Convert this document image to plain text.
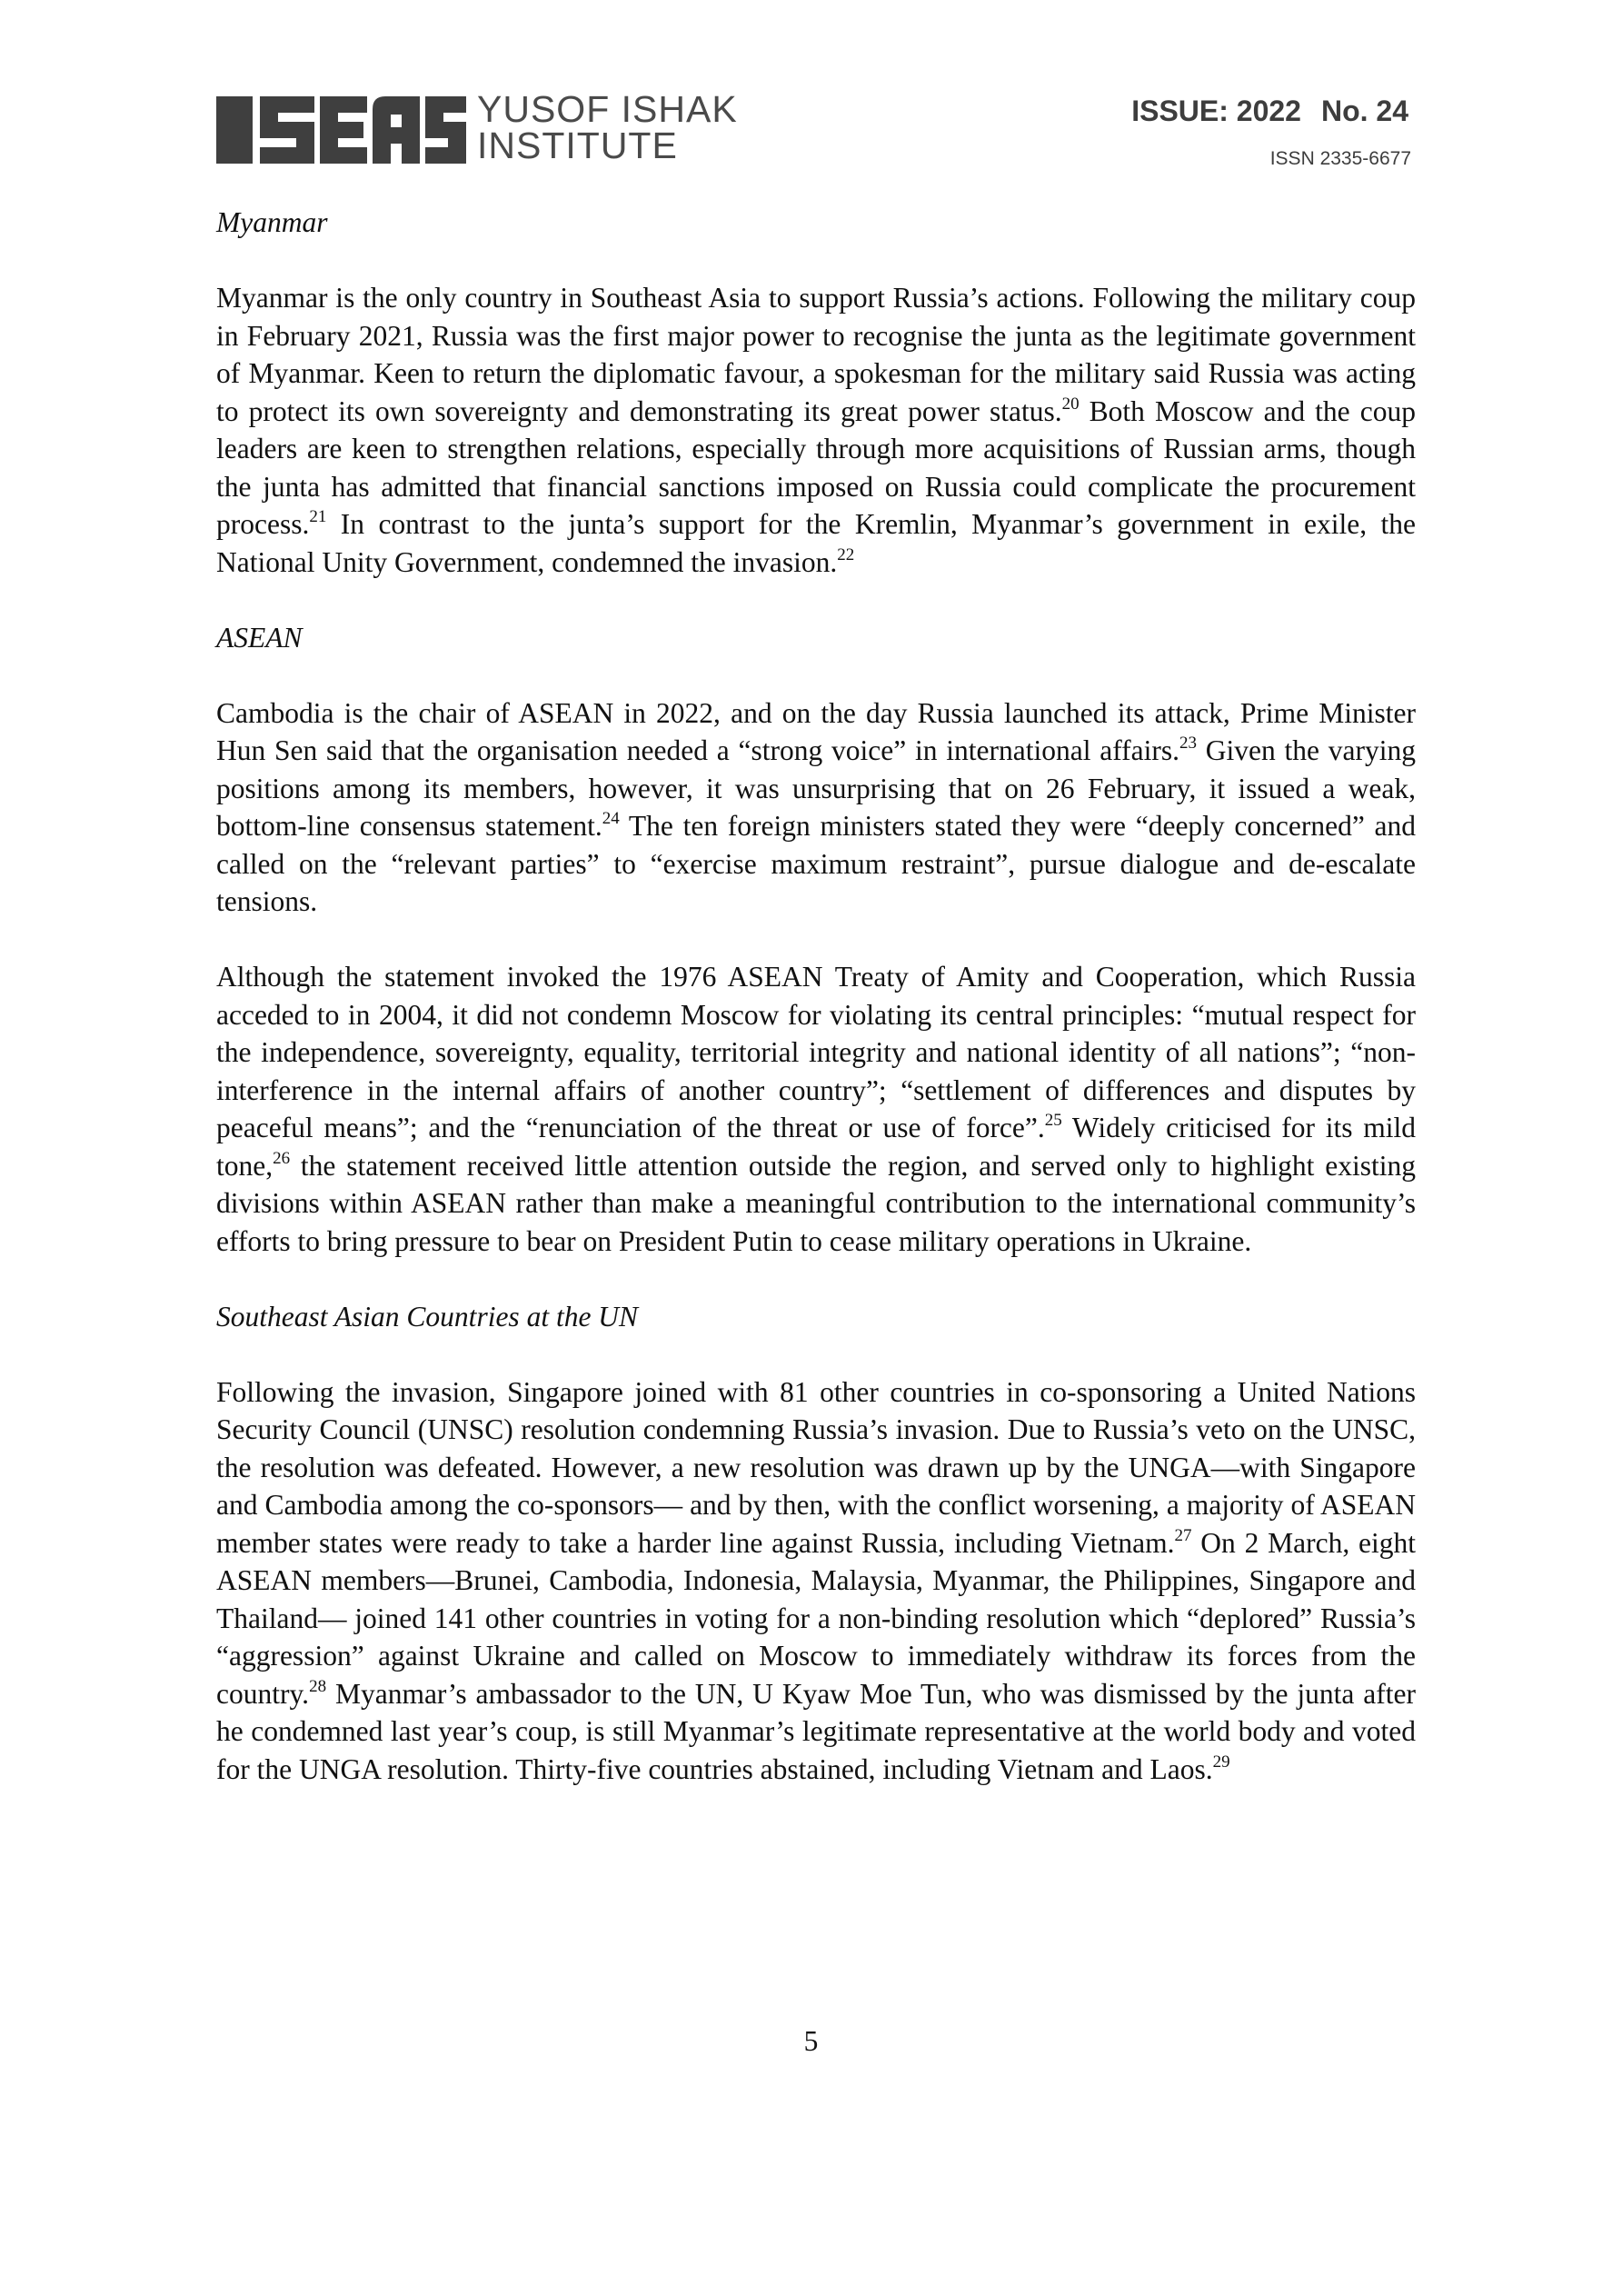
YUSOF ISHAK
INSTITUTE
ISSUE: 2022 No. 24
ISSN 2335-6677
Myanmar

Myanmar is the only country in Southeast Asia to support Russia’s actions. Following the military coup in February 2021, Russia was the first major power to recognise the junta as the legitimate government of Myanmar. Keen to return the diplomatic favour, a spokesman for the military said Russia was acting to protect its own sovereignty and demonstrating its great power status.$^{20}$ Both Moscow and the coup leaders are keen to strengthen relations, especially through more acquisitions of Russian arms, though the junta has admitted that financial sanctions imposed on Russia could complicate the procurement process.$^{21}$ In contrast to the junta’s support for the Kremlin, Myanmar’s government in exile, the National Unity Government, condemned the invasion.$^{22}$

ASEAN

Cambodia is the chair of ASEAN in 2022, and on the day Russia launched its attack, Prime Minister Hun Sen said that the organisation needed a “strong voice” in international affairs.$^{23}$ Given the varying positions among its members, however, it was unsurprising that on 26 February, it issued a weak, bottom-line consensus statement.$^{24}$ The ten foreign ministers stated they were “deeply concerned” and called on the “relevant parties” to “exercise maximum restraint”, pursue dialogue and de-escalate tensions.

Although the statement invoked the 1976 ASEAN Treaty of Amity and Cooperation, which Russia acceded to in 2004, it did not condemn Moscow for violating its central principles: “mutual respect for the independence, sovereignty, equality, territorial integrity and national identity of all nations”; “non-interference in the internal affairs of another country”; “settlement of differences and disputes by peaceful means”; and the “renunciation of the threat or use of force”.$^{25}$ Widely criticised for its mild tone,$^{26}$ the statement received little attention outside the region, and served only to highlight existing divisions within ASEAN rather than make a meaningful contribution to the international community’s efforts to bring pressure to bear on President Putin to cease military operations in Ukraine.

Southeast Asian Countries at the UN

Following the invasion, Singapore joined with 81 other countries in co-sponsoring a United Nations Security Council (UNSC) resolution condemning Russia’s invasion. Due to Russia’s veto on the UNSC, the resolution was defeated. However, a new resolution was drawn up by the UNGA―with Singapore and Cambodia among the co-sponsors― and by then, with the conflict worsening, a majority of ASEAN member states were ready to take a harder line against Russia, including Vietnam.$^{27}$ On 2 March, eight ASEAN members―Brunei, Cambodia, Indonesia, Malaysia, Myanmar, the Philippines, Singapore and Thailand― joined 141 other countries in voting for a non-binding resolution which “deplored” Russia’s “aggression” against Ukraine and called on Moscow to immediately withdraw its forces from the country.$^{28}$ Myanmar’s ambassador to the UN, U Kyaw Moe Tun, who was dismissed by the junta after he condemned last year’s coup, is still Myanmar’s legitimate representative at the world body and voted for the UNGA resolution. Thirty-five countries abstained, including Vietnam and Laos.$^{29}$

5
